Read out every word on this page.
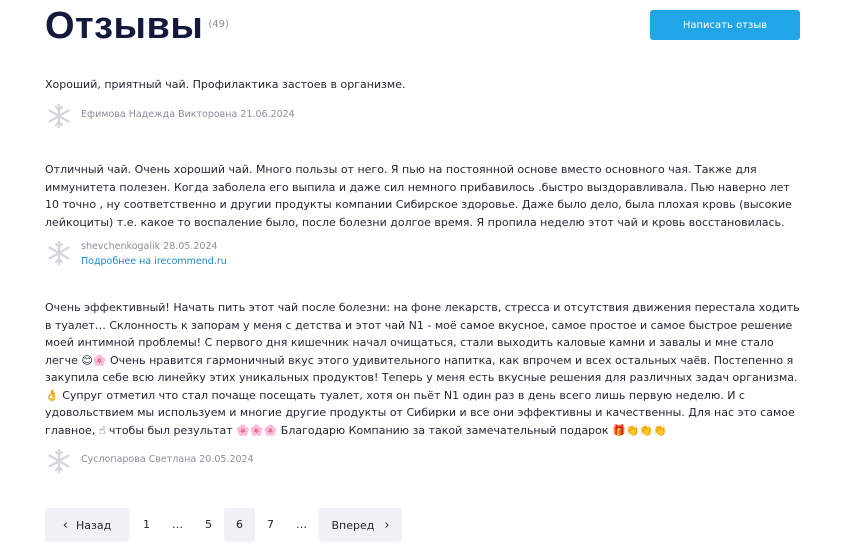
Отзывы (49)	Написать отзыв

Хороший, приятный чай. Профилактика застоев в организме.

Ефимова Надежда Викторовна 21.06.2024

Отличный чай. Очень хороший чай. Много пользы от него. Я пью на постоянной основе вместо основного чая. Также для иммунитета полезен. Когда заболела его выпила и даже сил немного прибавилось .быстро выздоравливала. Пью наверно лет 10 точно , ну соответственно и другии продукты компании Сибирское здоровье. Даже было дело, была плохая кровь (высокие лейкоциты) т.е. какое то воспаление было, после болезни долгое время. Я пропила неделю этот чай и кровь восстановилась.

shevchenkogalik 28.05.2024
Подробнее на irecommend.ru

Очень эффективный! Начать пить этот чай после болезни: на фоне лекарств, стресса и отсутствия движения перестала ходить в туалет… Склонность к запорам у меня с детства и этот чай N1 - моё самое вкусное, самое простое и самое быстрое решение моей интимной проблемы! С первого дня кишечник начал очищаться, стали выходить каловые камни и завалы и мне стало легче 😊🌸 Очень нравится гармоничный вкус этого удивительного напитка, как впрочем и всех остальных чаёв. Постепенно я закупила себе всю линейку этих уникальных продуктов! Теперь у меня есть вкусные решения для различных задач организма. 👌 Супруг отметил что стал почаще посещать туалет, хотя он пьёт N1 один раз в день всего лишь первую неделю. И с удовольствием мы используем и многие другие продукты от Сибирки и все они эффективны и качественны. Для нас это самое главное, ☝ чтобы был результат 🌸🌸🌸 Благодарю Компанию за такой замечательный подарок 🎁👏👏👏

Суслопарова Светлана 20.05.2024
‹ Назад	1	…	5	6	7	…	Вперед ›
